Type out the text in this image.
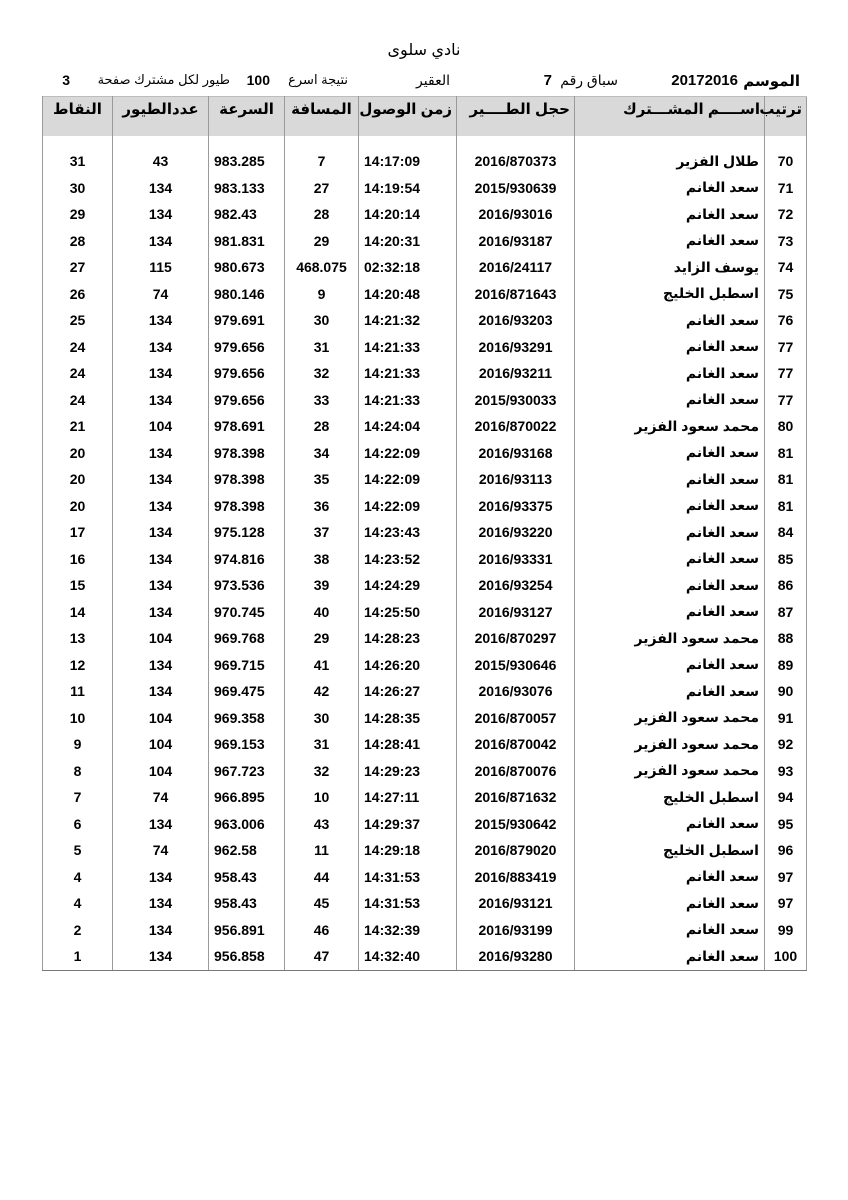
نادي سلوى
الموسم
20172016
سباق رقم
7
العقير
نتيجة اسرع
100
طيور لكل مشترك صفحة
3
ترتيب	اســــم المشـــترك	حجل الطــــير	زمن الوصول	المسافة	السرعة	عددالطيور	النقاط

70	طلال الفزير	2016/870373	14:17:09	7	983.285	43	31
71	سعد الغانم	2015/930639	14:19:54	27	983.133	134	30
72	سعد الغانم	2016/93016	14:20:14	28	982.43	134	29
73	سعد الغانم	2016/93187	14:20:31	29	981.831	134	28
74	يوسف الزايد	2016/24117	02:32:18	468.075	980.673	115	27
75	اسطبل الخليج	2016/871643	14:20:48	9	980.146	74	26
76	سعد الغانم	2016/93203	14:21:32	30	979.691	134	25
77	سعد الغانم	2016/93291	14:21:33	31	979.656	134	24
77	سعد الغانم	2016/93211	14:21:33	32	979.656	134	24
77	سعد الغانم	2015/930033	14:21:33	33	979.656	134	24
80	محمد سعود الفزير	2016/870022	14:24:04	28	978.691	104	21
81	سعد الغانم	2016/93168	14:22:09	34	978.398	134	20
81	سعد الغانم	2016/93113	14:22:09	35	978.398	134	20
81	سعد الغانم	2016/93375	14:22:09	36	978.398	134	20
84	سعد الغانم	2016/93220	14:23:43	37	975.128	134	17
85	سعد الغانم	2016/93331	14:23:52	38	974.816	134	16
86	سعد الغانم	2016/93254	14:24:29	39	973.536	134	15
87	سعد الغانم	2016/93127	14:25:50	40	970.745	134	14
88	محمد سعود الفزير	2016/870297	14:28:23	29	969.768	104	13
89	سعد الغانم	2015/930646	14:26:20	41	969.715	134	12
90	سعد الغانم	2016/93076	14:26:27	42	969.475	134	11
91	محمد سعود الفزير	2016/870057	14:28:35	30	969.358	104	10
92	محمد سعود الفزير	2016/870042	14:28:41	31	969.153	104	9
93	محمد سعود الفزير	2016/870076	14:29:23	32	967.723	104	8
94	اسطبل الخليج	2016/871632	14:27:11	10	966.895	74	7
95	سعد الغانم	2015/930642	14:29:37	43	963.006	134	6
96	اسطبل الخليج	2016/879020	14:29:18	11	962.58	74	5
97	سعد الغانم	2016/883419	14:31:53	44	958.43	134	4
97	سعد الغانم	2016/93121	14:31:53	45	958.43	134	4
99	سعد الغانم	2016/93199	14:32:39	46	956.891	134	2
100	سعد الغانم	2016/93280	14:32:40	47	956.858	134	1
